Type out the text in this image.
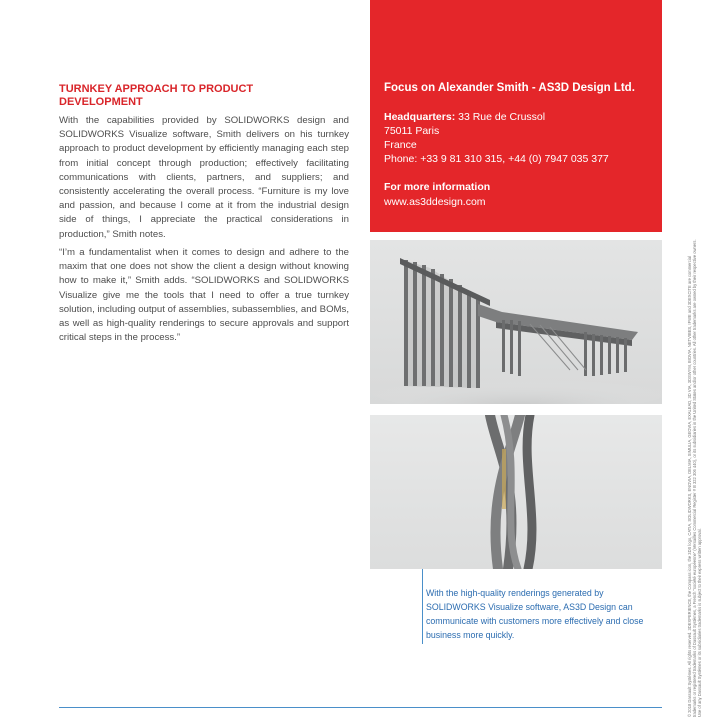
TURNKEY APPROACH TO PRODUCT DEVELOPMENT

With the capabilities provided by SOLIDWORKS design and SOLIDWORKS Visualize software, Smith delivers on his turnkey approach to product development by efficiently managing each step from initial concept through production; effectively facilitating communications with clients, partners, and suppliers; and consistently accelerating the overall process. “Furniture is my love and passion, and because I come at it from the industrial design side of things, I appreciate the practical considerations in production,” Smith notes.

“I’m a fundamentalist when it comes to design and adhere to the maxim that one does not show the client a design without knowing how to make it,” Smith adds. “SOLIDWORKS and SOLIDWORKS Visualize give me the tools that I need to offer a true turnkey solution, including output of assemblies, subassemblies, and BOMs, as well as high-quality renderings to secure approvals and support critical steps in the process.”

Focus on Alexander Smith - AS3D Design Ltd.

Headquarters: 33 Rue de Crussol
75011 Paris
France
Phone: +33 9 81 310 315, +44 (0) 7947 035 377

For more information

www.as3ddesign.com

With the high-quality renderings generated by SOLIDWORKS Visualize software, AS3D Design can communicate with customers more effectively and close business more quickly.	© 2018 Dassault Systèmes. All rights reserved. 3DEXPERIENCE, the Compass icon, the 3DS logo, CATIA, SOLIDWORKS, ENOVIA, DELMIA, SIMULIA, GEOVIA, EXALEAD, 3D VIA, 3DSWYM, BIOVIA, NETVIBES, IFWE and 3DEXCITE are commercial trademarks or registered trademarks of Dassault Systèmes, a French “société européenne” (Versailles Commercial Register # B 322 306 440), or its subsidiaries in the United States and/or other countries. All other trademarks are owned by their respective owners. Use of any Dassault Systèmes or its subsidiaries trademarks is subject to their express written approval.
